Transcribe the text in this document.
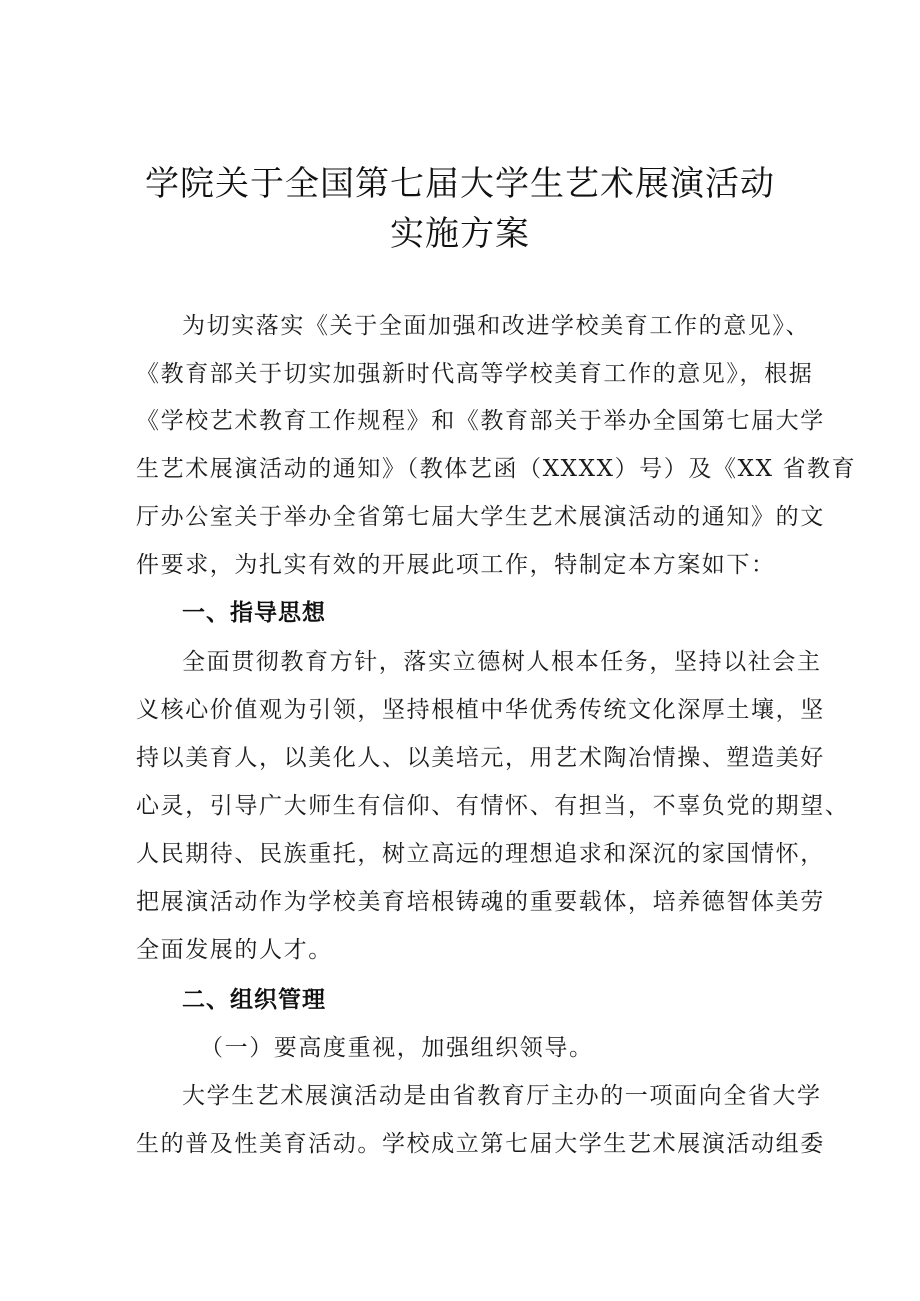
学院关于全国第七届大学生艺术展演活动
实施方案

为切实落实《关于全面加强和改进学校美育工作的意见》、

《教育部关于切实加强新时代高等学校美育工作的意见》，根据

《学校艺术教育工作规程》和《教育部关于举办全国第七届大学

生艺术展演活动的通知》（教体艺函（XXXX）号）及《XX 省教育

厅办公室关于举办全省第七届大学生艺术展演活动的通知》的文

件要求，为扎实有效的开展此项工作，特制定本方案如下：

一、指导思想

全面贯彻教育方针，落实立德树人根本任务，坚持以社会主

义核心价值观为引领，坚持根植中华优秀传统文化深厚土壤，坚

持以美育人，以美化人、以美培元，用艺术陶冶情操、塑造美好

心灵，引导广大师生有信仰、有情怀、有担当，不辜负党的期望、

人民期待、民族重托，树立高远的理想追求和深沉的家国情怀，

把展演活动作为学校美育培根铸魂的重要载体，培养德智体美劳

全面发展的人才。

二、组织管理

（一）要高度重视，加强组织领导。

大学生艺术展演活动是由省教育厅主办的一项面向全省大学

生的普及性美育活动。学校成立第七届大学生艺术展演活动组委
